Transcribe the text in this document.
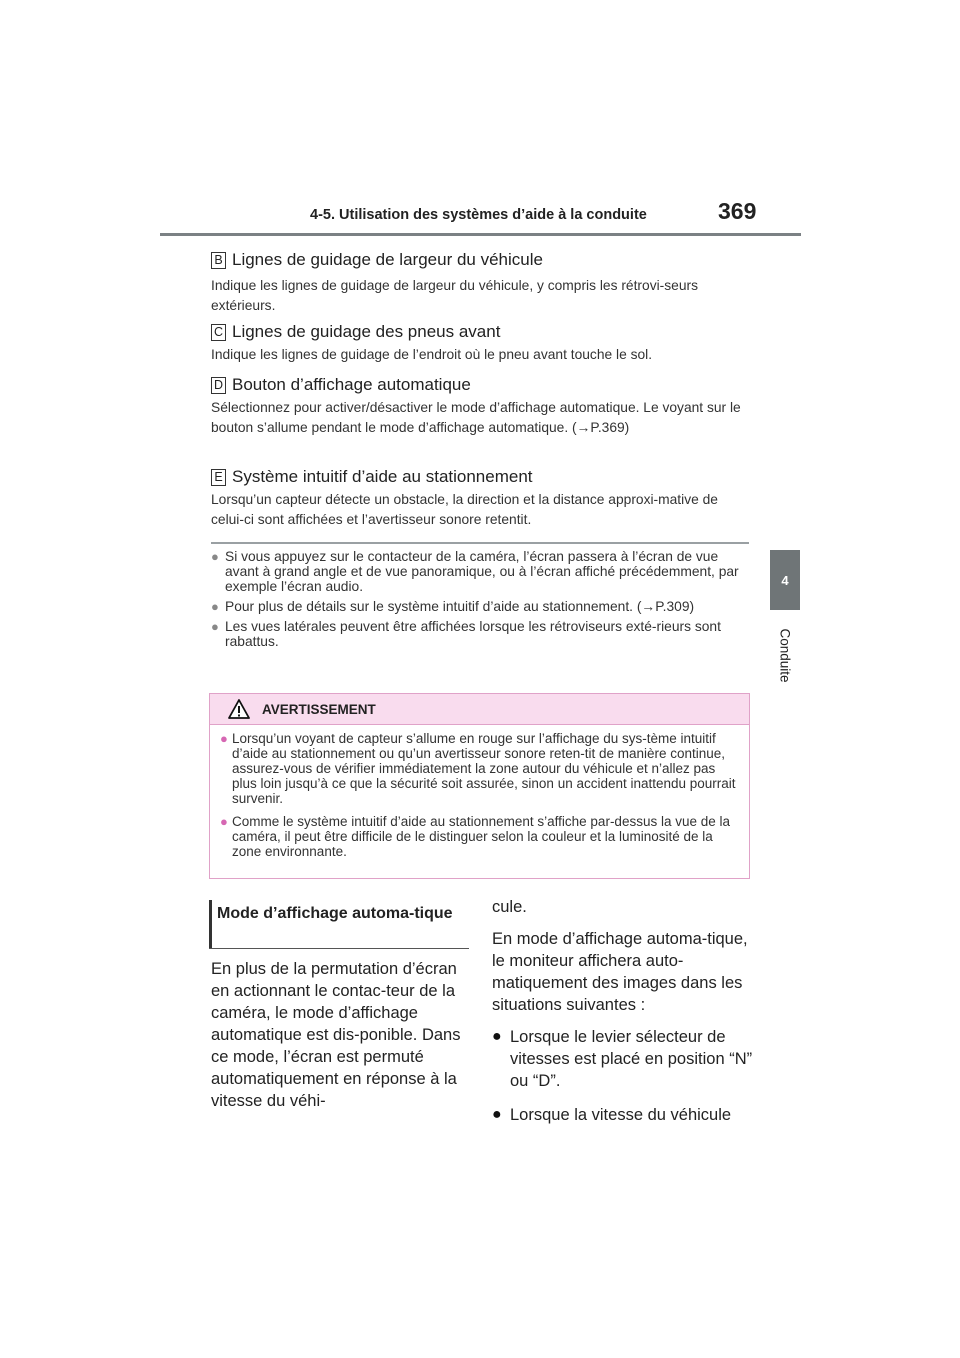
4-5. Utilisation des systèmes d’aide à la conduite	369
4
Conduite
B Lignes de guidage de largeur du véhicule
Indique les lignes de guidage de largeur du véhicule, y compris les rétrovi-seurs extérieurs.
C Lignes de guidage des pneus avant
Indique les lignes de guidage de l’endroit où le pneu avant touche le sol.
D Bouton d’affichage automatique
Sélectionnez pour activer/désactiver le mode d’affichage automatique. Le voyant sur le bouton s’allume pendant le mode d’affichage automatique. (→P.369)
E Système intuitif d’aide au stationnement
Lorsqu’un capteur détecte un obstacle, la direction et la distance approxi-mative de celui-ci sont affichées et l’avertisseur sonore retentit.
● Si vous appuyez sur le contacteur de la caméra, l’écran passera à l’écran de vue avant à grand angle et de vue panoramique, ou à l’écran affiché précédemment, par exemple l’écran audio.
● Pour plus de détails sur le système intuitif d’aide au stationnement. (→P.309)
● Les vues latérales peuvent être affichées lorsque les rétroviseurs exté-rieurs sont rabattus.
AVERTISSEMENT
● Lorsqu’un voyant de capteur s’allume en rouge sur l’affichage du sys-tème intuitif d’aide au stationnement ou qu’un avertisseur sonore reten-tit de manière continue, assurez-vous de vérifier immédiatement la zone autour du véhicule et n’allez pas plus loin jusqu’à ce que la sécurité soit assurée, sinon un accident inattendu pourrait survenir.
● Comme le système intuitif d’aide au stationnement s’affiche par-dessus la vue de la caméra, il peut être difficile de le distinguer selon la couleur et la luminosité de la zone environnante.
Mode d’affichage automa-tique
En plus de la permutation d’écran en actionnant le contac-teur de la caméra, le mode d’affichage automatique est dis-ponible. Dans ce mode, l’écran est permuté automatiquement en réponse à la vitesse du véhi-

cule.

En mode d’affichage automa-tique, le moniteur affichera auto-matiquement des images dans les situations suivantes :

● Lorsque le levier sélecteur de vitesses est placé en position “N” ou “D”.
● Lorsque la vitesse du véhicule
